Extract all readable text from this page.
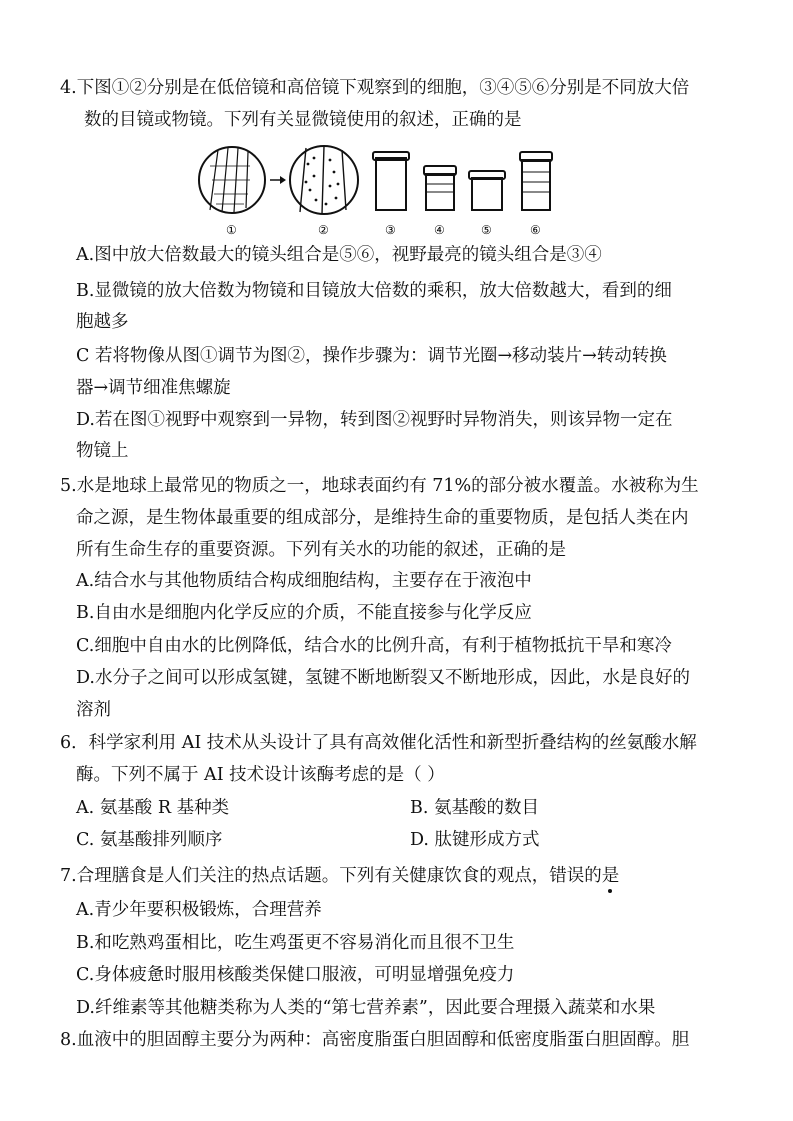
4.下图①②分别是在低倍镜和高倍镜下观察到的细胞，③④⑤⑥分别是不同放大倍
数的目镜或物镜。下列有关显微镜使用的叙述，正确的是
①	②	③	④	⑤	⑥
A.图中放大倍数最大的镜头组合是⑤⑥，视野最亮的镜头组合是③④
B.显微镜的放大倍数为物镜和目镜放大倍数的乘积，放大倍数越大，看到的细
胞越多
C 若将物像从图①调节为图②，操作步骤为：调节光圈→移动装片→转动转换
器→调节细准焦螺旋
D.若在图①视野中观察到一异物，转到图②视野时异物消失，则该异物一定在
物镜上
5.水是地球上最常见的物质之一，地球表面约有 71%的部分被水覆盖。水被称为生
命之源，是生物体最重要的组成部分，是维持生命的重要物质，是包括人类在内
所有生命生存的重要资源。下列有关水的功能的叙述，正确的是
A.结合水与其他物质结合构成细胞结构，主要存在于液泡中
B.自由水是细胞内化学反应的介质，不能直接参与化学反应
C.细胞中自由水的比例降低，结合水的比例升高，有利于植物抵抗干旱和寒冷
D.水分子之间可以形成氢键，氢键不断地断裂又不断地形成，因此，水是良好的
溶剂
6．科学家利用 AI 技术从头设计了具有高效催化活性和新型折叠结构的丝氨酸水解
酶。下列不属于 AI 技术设计该酶考虑的是（ ）
A. 氨基酸 R 基种类	B. 氨基酸的数目
C. 氨基酸排列顺序	D. 肽键形成方式
7.合理膳食是人们关注的热点话题。下列有关健康饮食的观点，错误的是
A.青少年要积极锻炼，合理营养
B.和吃熟鸡蛋相比，吃生鸡蛋更不容易消化而且很不卫生
C.身体疲惫时服用核酸类保健口服液，可明显增强免疫力
D.纤维素等其他糖类称为人类的“第七营养素”，因此要合理摄入蔬菜和水果
8.血液中的胆固醇主要分为两种：高密度脂蛋白胆固醇和低密度脂蛋白胆固醇。胆
